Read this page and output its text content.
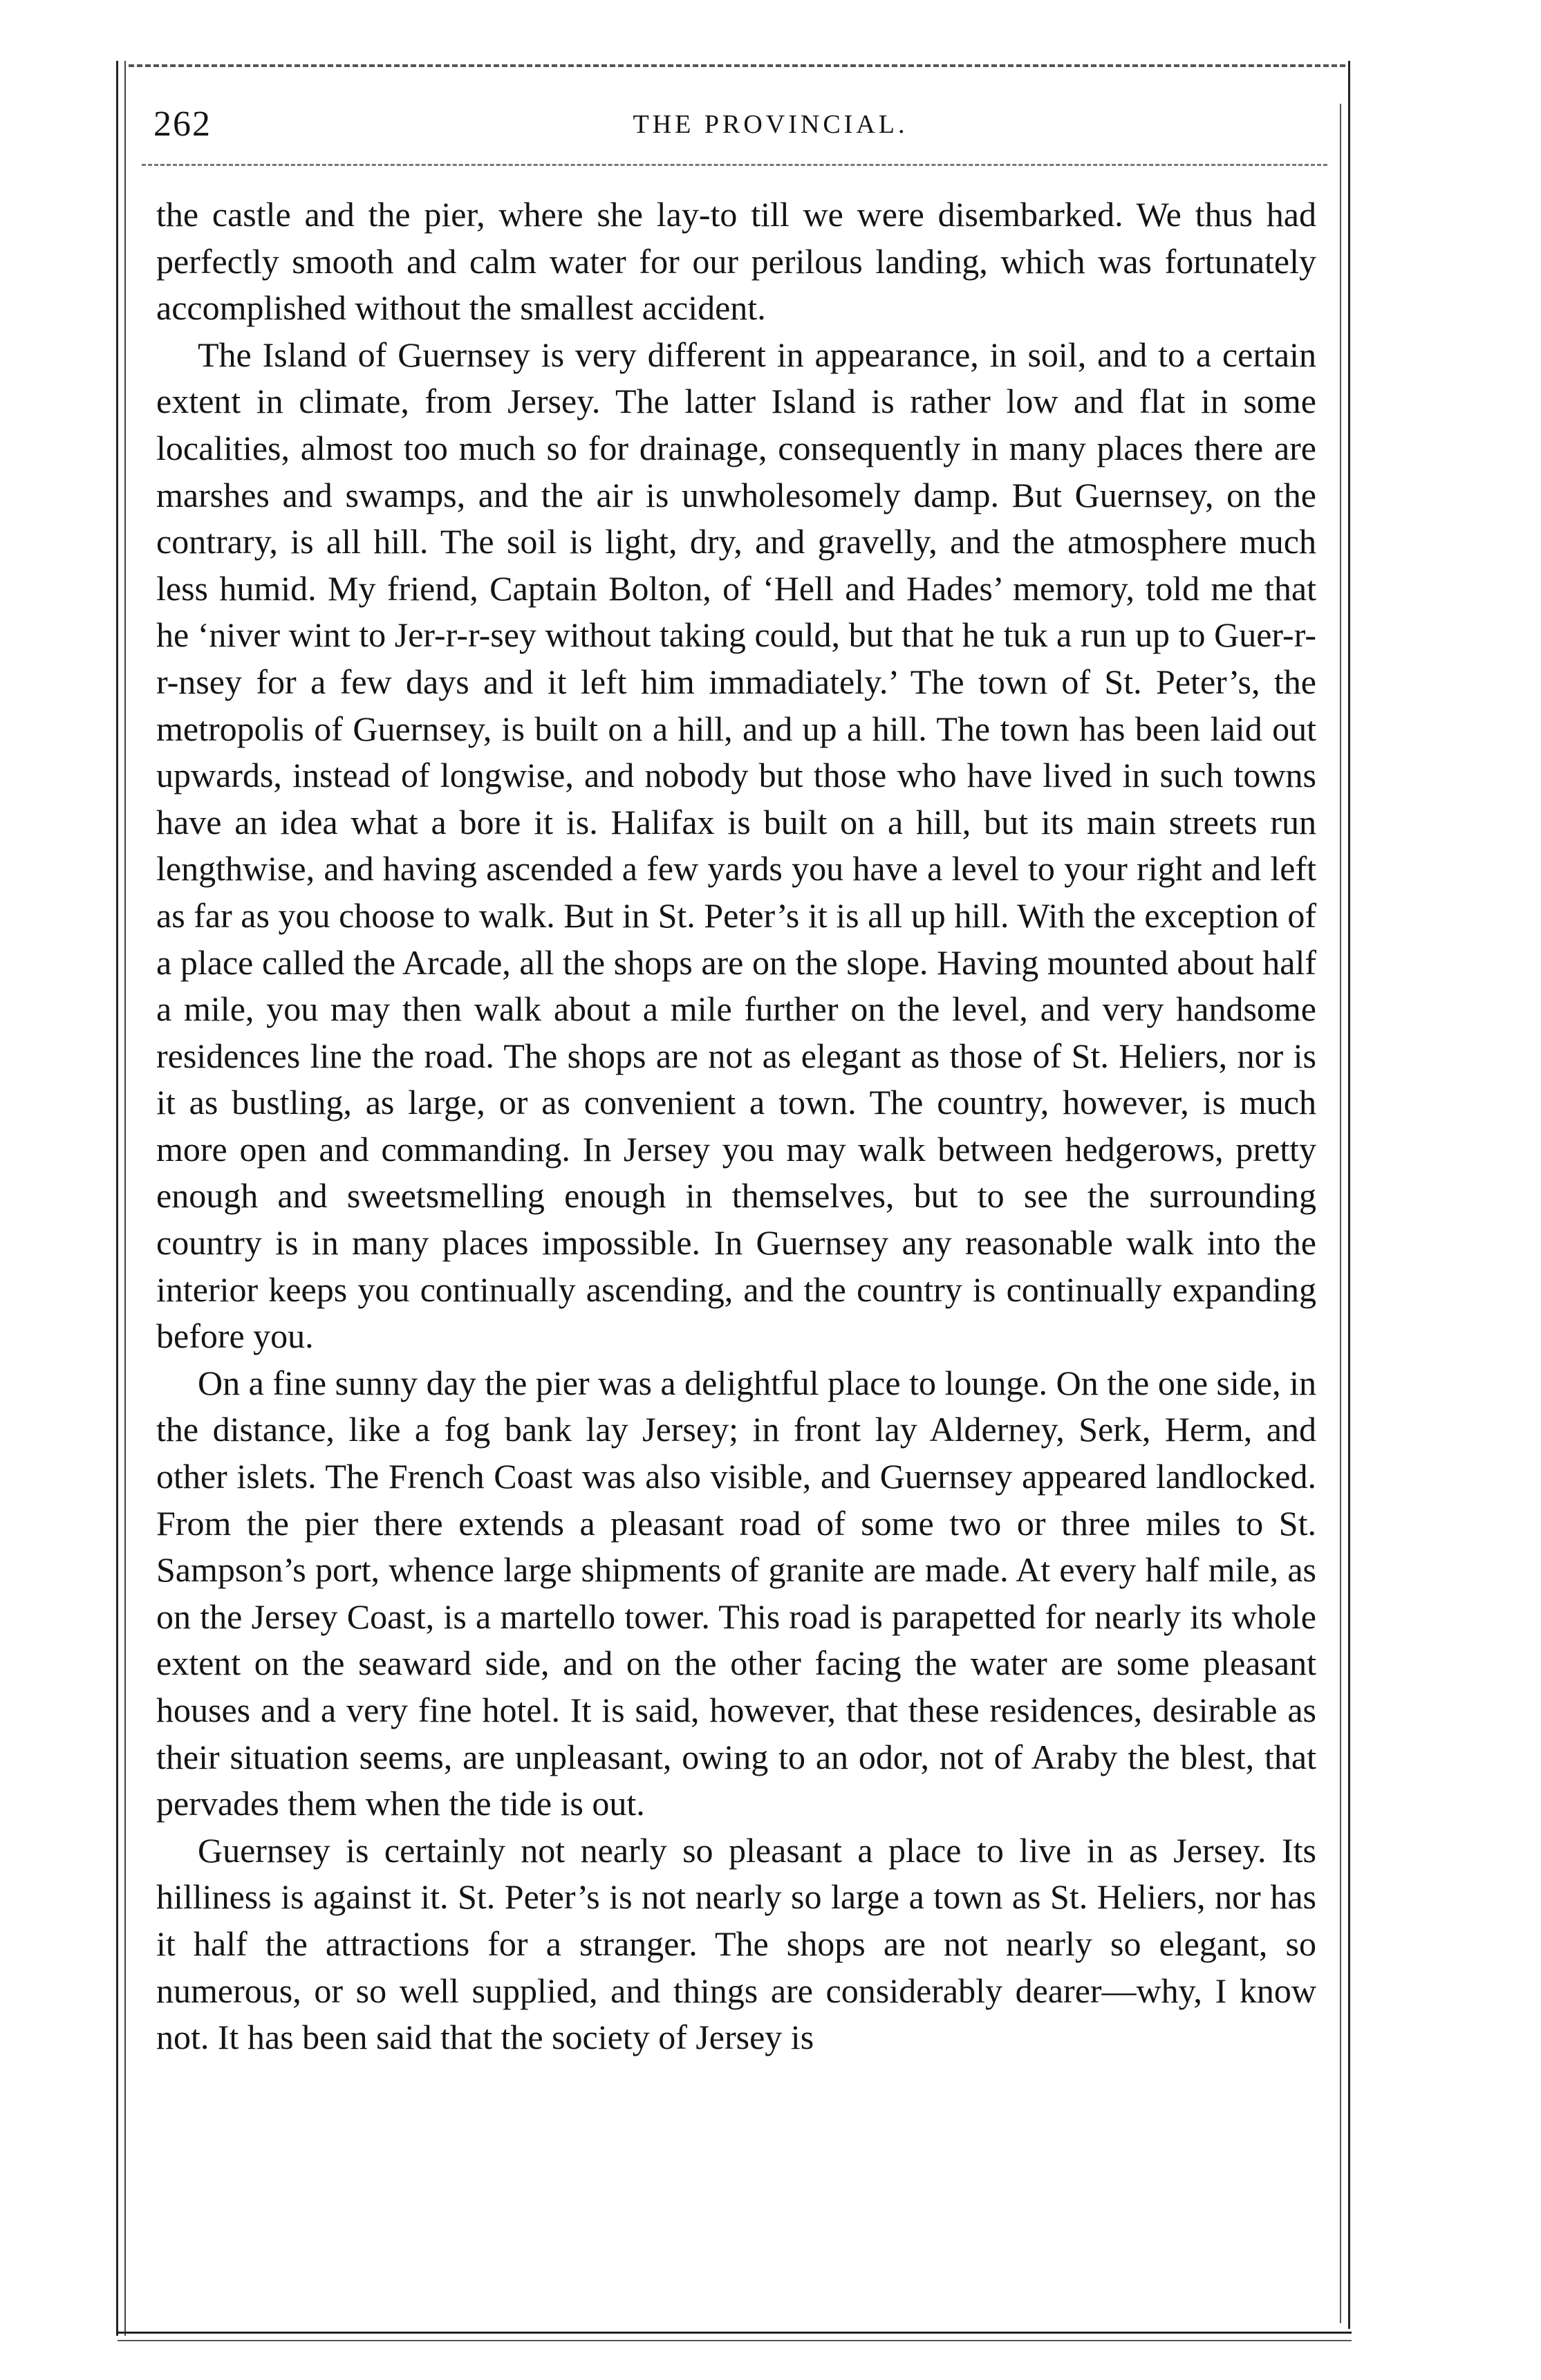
262	THE PROVINCIAL.

the castle and the pier, where she lay-to till we were disembarked. We thus had perfectly smooth and calm water for our perilous landing, which was fortunately accomplished without the smallest accident.

The Island of Guernsey is very different in appearance, in soil, and to a certain extent in climate, from Jersey. The latter Island is rather low and flat in some localities, almost too much so for drainage, consequently in many places there are marshes and swamps, and the air is unwholesomely damp. But Guernsey, on the contrary, is all hill. The soil is light, dry, and gravelly, and the atmosphere much less humid. My friend, Captain Bolton, of ‘Hell and Hades’ memory, told me that he ‘niver wint to Jer-r-r-sey without taking could, but that he tuk a run up to Guer-r-r-nsey for a few days and it left him immadiately.’ The town of St. Peter’s, the metropolis of Guernsey, is built on a hill, and up a hill. The town has been laid out upwards, instead of longwise, and nobody but those who have lived in such towns have an idea what a bore it is. Halifax is built on a hill, but its main streets run lengthwise, and having ascended a few yards you have a level to your right and left as far as you choose to walk. But in St. Peter’s it is all up hill. With the exception of a place called the Arcade, all the shops are on the slope. Having mounted about half a mile, you may then walk about a mile further on the level, and very handsome residences line the road. The shops are not as elegant as those of St. Heliers, nor is it as bustling, as large, or as convenient a town. The country, however, is much more open and commanding. In Jersey you may walk between hedgerows, pretty enough and sweetsmelling enough in themselves, but to see the surrounding country is in many places impossible. In Guernsey any reasonable walk into the interior keeps you continually ascending, and the country is continually expanding before you.

On a fine sunny day the pier was a delightful place to lounge. On the one side, in the distance, like a fog bank lay Jersey; in front lay Alderney, Serk, Herm, and other islets. The French Coast was also visible, and Guernsey appeared landlocked. From the pier there extends a pleasant road of some two or three miles to St. Sampson’s port, whence large shipments of granite are made. At every half mile, as on the Jersey Coast, is a martello tower. This road is parapetted for nearly its whole extent on the seaward side, and on the other facing the water are some pleasant houses and a very fine hotel. It is said, however, that these residences, desirable as their situation seems, are unpleasant, owing to an odor, not of Araby the blest, that pervades them when the tide is out.

Guernsey is certainly not nearly so pleasant a place to live in as Jersey. Its hilliness is against it. St. Peter’s is not nearly so large a town as St. Heliers, nor has it half the attractions for a stranger. The shops are not nearly so elegant, so numerous, or so well supplied, and things are considerably dearer—why, I know not. It has been said that the society of Jersey is
